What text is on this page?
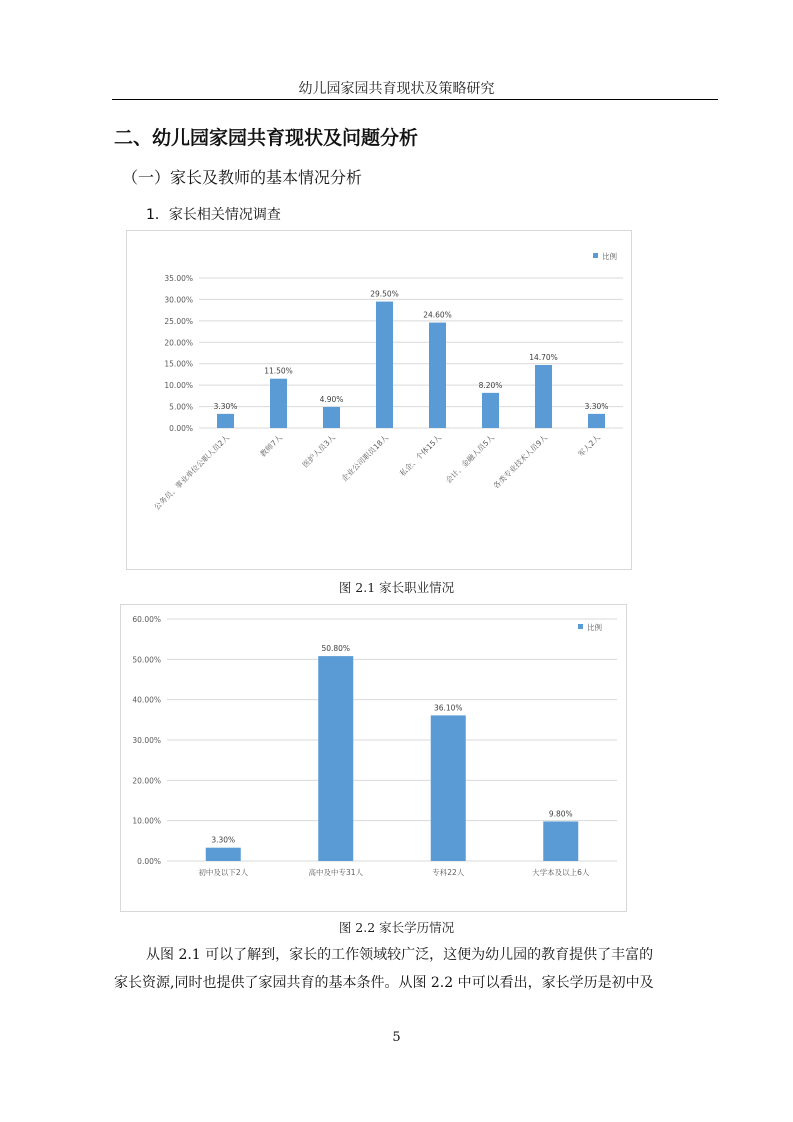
幼儿园家园共育现状及策略研究
二、幼儿园家园共育现状及问题分析
（一）家长及教师的基本情况分析
1．家长相关情况调查
0.00%
5.00%
10.00%
15.00%
20.00%
25.00%
30.00%
35.00%
3.30%
公务员、事业单位公职人员2人
11.50%
教师7人
4.90%
医护人员3人
29.50%
企业公司职员18人
24.60%
私企、个体15人
8.20%
会计、金融人员5人
14.70%
各类专业技术人员9人
3.30%
军人2人
比例
图 2.1 家长职业情况
0.00%
10.00%
20.00%
30.00%
40.00%
50.00%
60.00%
3.30%
初中及以下2人
50.80%
高中及中专31人
36.10%
专科22人
9.80%
大学本及以上6人
比例
图 2.2 家长学历情况
从图 2.1 可以了解到，家长的工作领域较广泛，这便为幼儿园的教育提供了丰富的
家长资源,同时也提供了家园共育的基本条件。从图 2.2 中可以看出，家长学历是初中及
5
